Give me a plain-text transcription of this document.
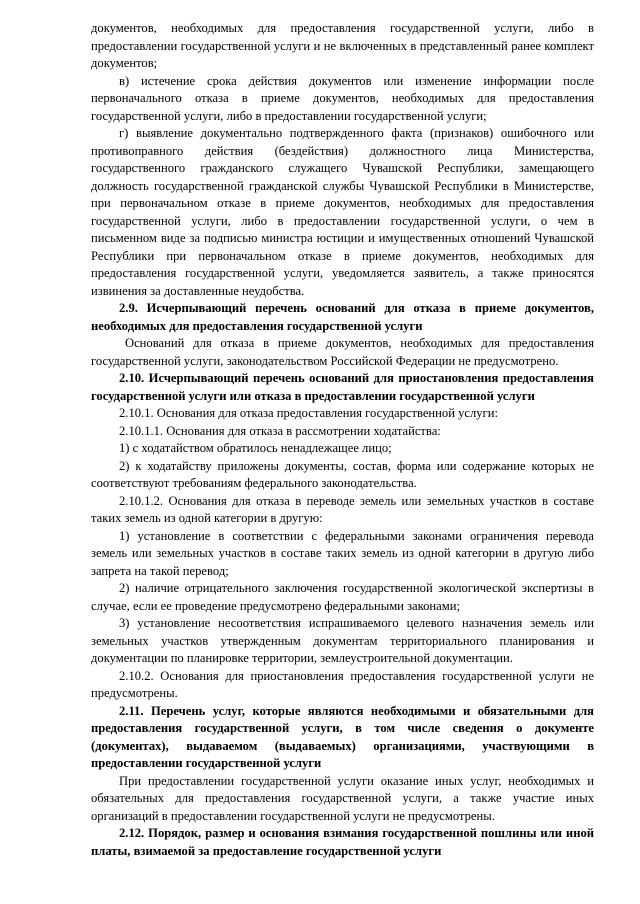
документов, необходимых для предоставления государственной услуги, либо в предоставлении государственной услуги и не включенных в представленный ранее комплект документов;

в) истечение срока действия документов или изменение информации после первоначального отказа в приеме документов, необходимых для предоставления государственной услуги, либо в предоставлении государственной услуги;

г) выявление документально подтвержденного факта (признаков) ошибочного или противоправного действия (бездействия) должностного лица Министерства, государственного гражданского служащего Чувашской Республики, замещающего должность государственной гражданской службы Чувашской Республики в Министерстве, при первоначальном отказе в приеме документов, необходимых для предоставления государственной услуги, либо в предоставлении государственной услуги, о чем в письменном виде за подписью министра юстиции и имущественных отношений Чувашской Республики при первоначальном отказе в приеме документов, необходимых для предоставления государственной услуги, уведомляется заявитель, а также приносятся извинения за доставленные неудобства.

2.9. Исчерпывающий перечень оснований для отказа в приеме документов, необходимых для предоставления государственной услуги

Оснований для отказа в приеме документов, необходимых для предоставления государственной услуги, законодательством Российской Федерации не предусмотрено.

2.10. Исчерпывающий перечень оснований для приостановления предоставления государственной услуги или отказа в предоставлении государственной услуги

2.10.1. Основания для отказа предоставления государственной услуги:

2.10.1.1. Основания для отказа в рассмотрении ходатайства:

1) с ходатайством обратилось ненадлежащее лицо;

2) к ходатайству приложены документы, состав, форма или содержание которых не соответствуют требованиям федерального законодательства.

2.10.1.2. Основания для отказа в переводе земель или земельных участков в составе таких земель из одной категории в другую:

1) установление в соответствии с федеральными законами ограничения перевода земель или земельных участков в составе таких земель из одной категории в другую либо запрета на такой перевод;

2) наличие отрицательного заключения государственной экологической экспертизы в случае, если ее проведение предусмотрено федеральными законами;

3) установление несоответствия испрашиваемого целевого назначения земель или земельных участков утвержденным документам территориального планирования и документации по планировке территории, землеустроительной документации.

2.10.2. Основания для приостановления предоставления государственной услуги не предусмотрены.

2.11. Перечень услуг, которые являются необходимыми и обязательными для предоставления государственной услуги, в том числе сведения о документе (документах), выдаваемом (выдаваемых) организациями, участвующими в предоставлении государственной услуги

При предоставлении государственной услуги оказание иных услуг, необходимых и обязательных для предоставления государственной услуги, а также участие иных организаций в предоставлении государственной услуги не предусмотрены.

2.12. Порядок, размер и основания взимания государственной пошлины или иной платы, взимаемой за предоставление государственной услуги
